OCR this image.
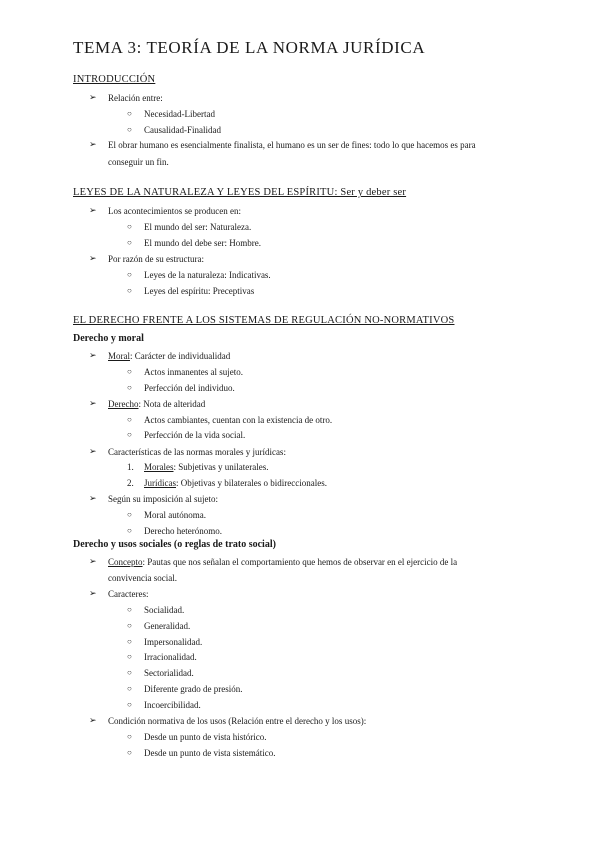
TEMA 3: TEORÍA DE LA NORMA JURÍDICA
INTRODUCCIÓN
➢ Relación entre:
○ Necesidad-Libertad
○ Causalidad-Finalidad
➢ El obrar humano es esencialmente finalista, el humano es un ser de fines: todo lo que hacemos es para
conseguir un fin.
LEYES DE LA NATURALEZA Y LEYES DEL ESPÍRITU: Ser y deber ser
➢ Los acontecimientos se producen en:
○ El mundo del ser: Naturaleza.
○ El mundo del debe ser: Hombre.
➢ Por razón de su estructura:
○ Leyes de la naturaleza: Indicativas.
○ Leyes del espíritu: Preceptivas
EL DERECHO FRENTE A LOS SISTEMAS DE REGULACIÓN NO-NORMATIVOS
Derecho y moral
➢ Moral: Carácter de individualidad
○ Actos inmanentes al sujeto.
○ Perfección del individuo.
➢ Derecho: Nota de alteridad
○ Actos cambiantes, cuentan con la existencia de otro.
○ Perfección de la vida social.
➢ Características de las normas morales y jurídicas:
1. Morales: Subjetivas y unilaterales.
2. Jurídicas: Objetivas y bilaterales o bidireccionales.
➢ Según su imposición al sujeto:
○ Moral autónoma.
○ Derecho heterónomo.
Derecho y usos sociales (o reglas de trato social)
➢ Concepto: Pautas que nos señalan el comportamiento que hemos de observar en el ejercicio de la
convivencia social.
➢ Caracteres:
○ Socialidad.
○ Generalidad.
○ Impersonalidad.
○ Irracionalidad.
○ Sectorialidad.
○ Diferente grado de presión.
○ Incoercibilidad.
➢ Condición normativa de los usos (Relación entre el derecho y los usos):
○ Desde un punto de vista histórico.
○ Desde un punto de vista sistemático.
